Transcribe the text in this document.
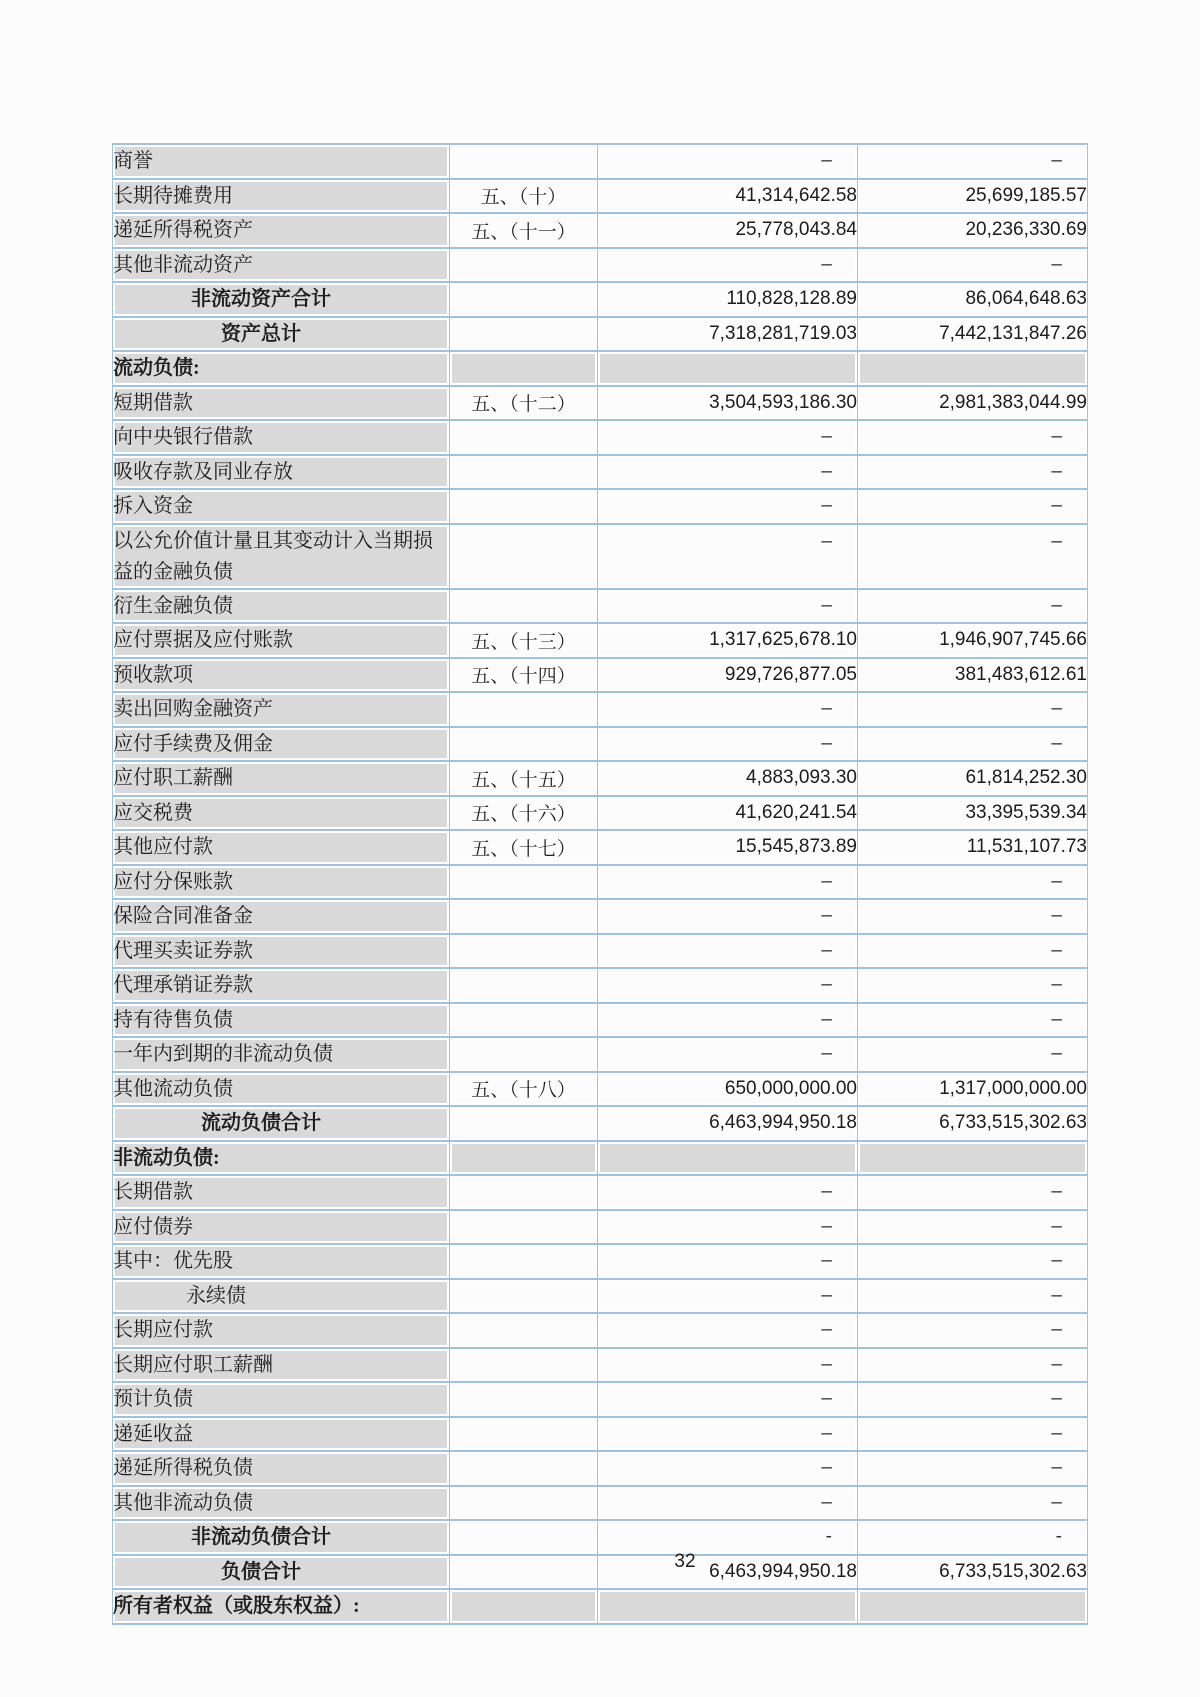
商誉		–	–
长期待摊费用	五、（十）	41,314,642.58	25,699,185.57
递延所得税资产	五、（十一）	25,778,043.84	20,236,330.69
其他非流动资产		–	–
非流动资产合计		110,828,128.89	86,064,648.63
资产总计		7,318,281,719.03	7,442,131,847.26
流动负债:			
短期借款	五、（十二）	3,504,593,186.30	2,981,383,044.99
向中央银行借款		–	–
吸收存款及同业存放		–	–
拆入资金		–	–
以公允价值计量且其变动计入当期损益的金融负债		–	–
衍生金融负债		–	–
应付票据及应付账款	五、（十三）	1,317,625,678.10	1,946,907,745.66
预收款项	五、（十四）	929,726,877.05	381,483,612.61
卖出回购金融资产		–	–
应付手续费及佣金		–	–
应付职工薪酬	五、（十五）	4,883,093.30	61,814,252.30
应交税费	五、（十六）	41,620,241.54	33,395,539.34
其他应付款	五、（十七）	15,545,873.89	11,531,107.73
应付分保账款		–	–
保险合同准备金		–	–
代理买卖证券款		–	–
代理承销证券款		–	–
持有待售负债		–	–
一年内到期的非流动负债		–	–
其他流动负债	五、（十八）	650,000,000.00	1,317,000,000.00
流动负债合计		6,463,994,950.18	6,733,515,302.63
非流动负债:			
长期借款		–	–
应付债券		–	–
其中：优先股		–	–
永续债		–	–
长期应付款		–	–
长期应付职工薪酬		–	–
预计负债		–	–
递延收益		–	–
递延所得税负债		–	–
其他非流动负债		–	–
非流动负债合计		-	-
负债合计		6,463,994,950.18	6,733,515,302.63
所有者权益（或股东权益）:			
32
